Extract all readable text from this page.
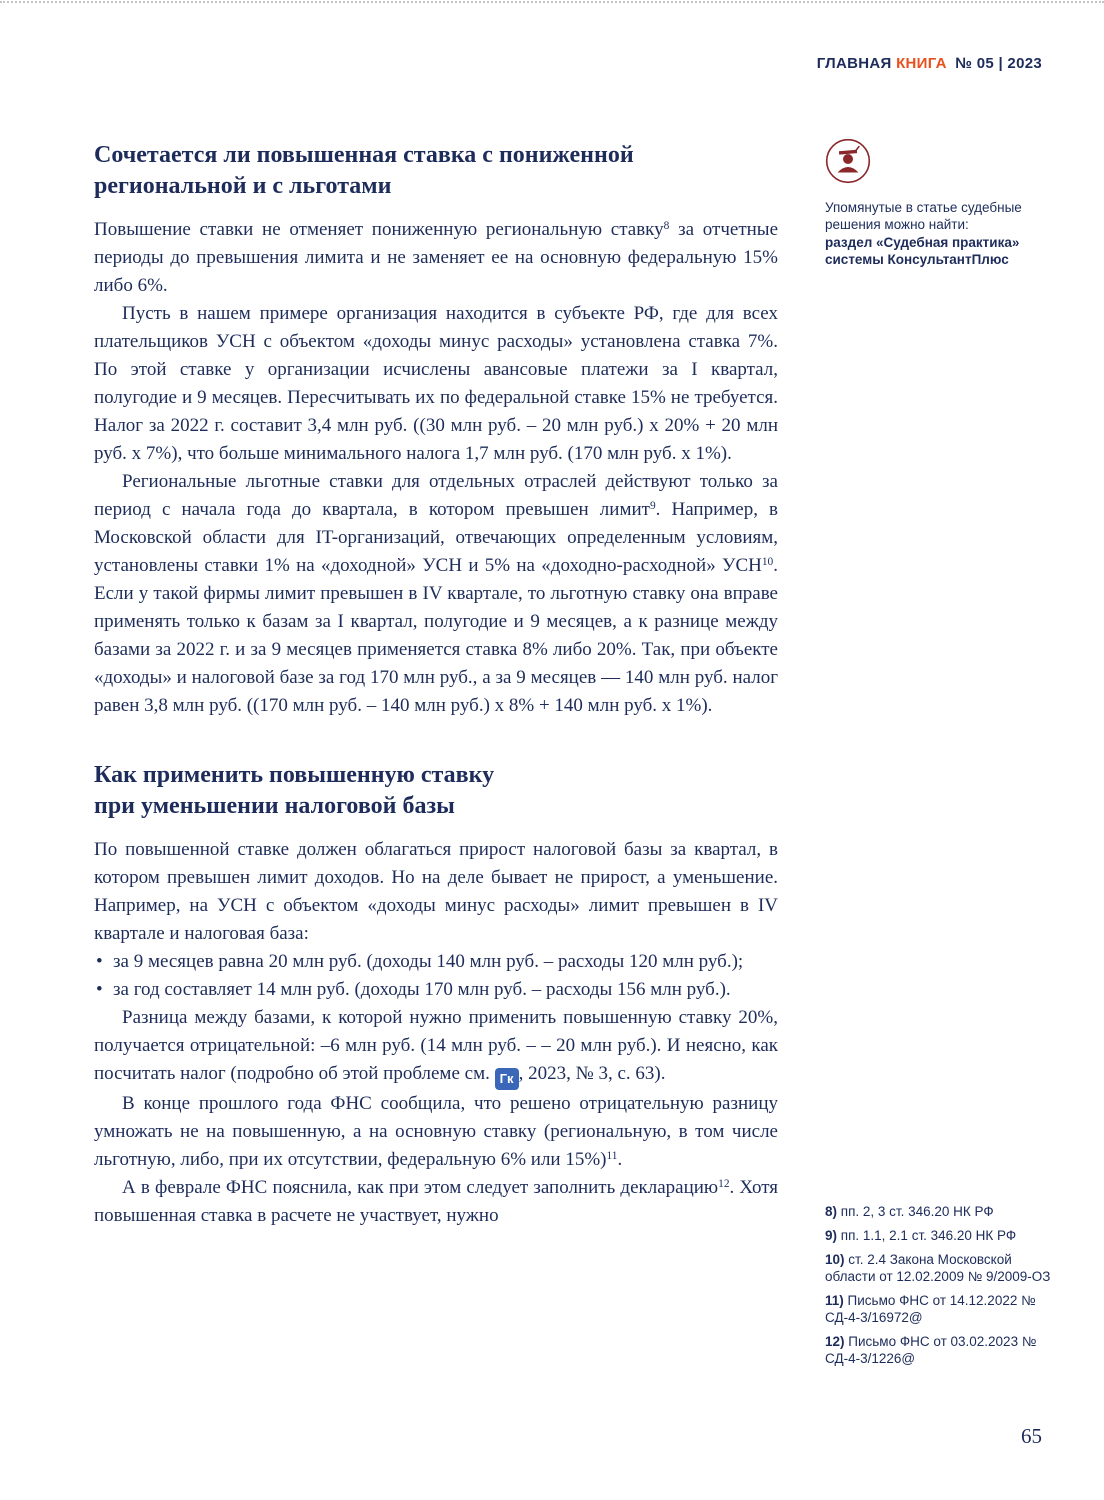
ГЛАВНАЯ КНИГА № 05 | 2023
Сочетается ли повышенная ставка с пониженной
региональной и с льготами

Повышение ставки не отменяет пониженную региональную ставку$^8$ за отчетные периоды до превышения лимита и не заменяет ее на основную федеральную 15% либо 6%.

Пусть в нашем примере организация находится в субъекте РФ, где для всех плательщиков УСН с объектом «доходы минус расходы» установлена ставка 7%. По этой ставке у организации исчислены авансовые платежи за I квартал, полугодие и 9 месяцев. Пересчитывать их по федеральной ставке 15% не требуется. Налог за 2022 г. составит 3,4 млн руб. ((30 млн руб. – 20 млн руб.) х 20% + 20 млн руб. х 7%), что больше минимального налога 1,7 млн руб. (170 млн руб. х 1%).

Региональные льготные ставки для отдельных отраслей действуют только за период с начала года до квартала, в котором превышен лимит$^9$. Например, в Московской области для IT-организаций, отвечающих определенным условиям, установлены ставки 1% на «доходной» УСН и 5% на «доходно-расходной» УСН$^{10}$. Если у такой фирмы лимит превышен в IV квартале, то льготную ставку она вправе применять только к базам за I квартал, полугодие и 9 месяцев, а к разнице между базами за 2022 г. и за 9 месяцев применяется ставка 8% либо 20%. Так, при объекте «доходы» и налоговой базе за год 170 млн руб., а за 9 месяцев — 140 млн руб. налог равен 3,8 млн руб. ((170 млн руб. – 140 млн руб.) х 8% + 140 млн руб. х 1%).

Как применить повышенную ставку
при уменьшении налоговой базы

По повышенной ставке должен облагаться прирост налоговой базы за квартал, в котором превышен лимит доходов. Но на деле бывает не прирост, а уменьшение. Например, на УСН с объектом «доходы минус расходы» лимит превышен в IV квартале и налоговая база:

• за 9 месяцев равна 20 млн руб. (доходы 140 млн руб. – расходы 120 млн руб.);
• за год составляет 14 млн руб. (доходы 170 млн руб. – расходы 156 млн руб.).

Разница между базами, к которой нужно применить повышенную ставку 20%, получается отрицательной: –6 млн руб. (14 млн руб. – – 20 млн руб.). И неясно, как посчитать налог (подробно об этой проблеме см. Гк , 2023, № 3, с. 63).

В конце прошлого года ФНС сообщила, что решено отрицательную разницу умножать не на повышенную, а на основную ставку (региональную, в том числе льготную, либо, при их отсутствии, федеральную 6% или 15%)$^{11}$.

А в феврале ФНС пояснила, как при этом следует заполнить декларацию$^{12}$. Хотя повышенная ставка в расчете не участвует, нужно

Упомянутые в статье судебные решения можно найти:
раздел «Судебная практика» системы КонсультантПлюс

8) пп. 2, 3 ст. 346.20 НК РФ
9) пп. 1.1, 2.1 ст. 346.20 НК РФ
10) ст. 2.4 Закона Московской области от 12.02.2009 № 9/2009-ОЗ
11) Письмо ФНС от 14.12.2022 № СД-4-3/16972@
12) Письмо ФНС от 03.02.2023 № СД-4-3/1226@
65
